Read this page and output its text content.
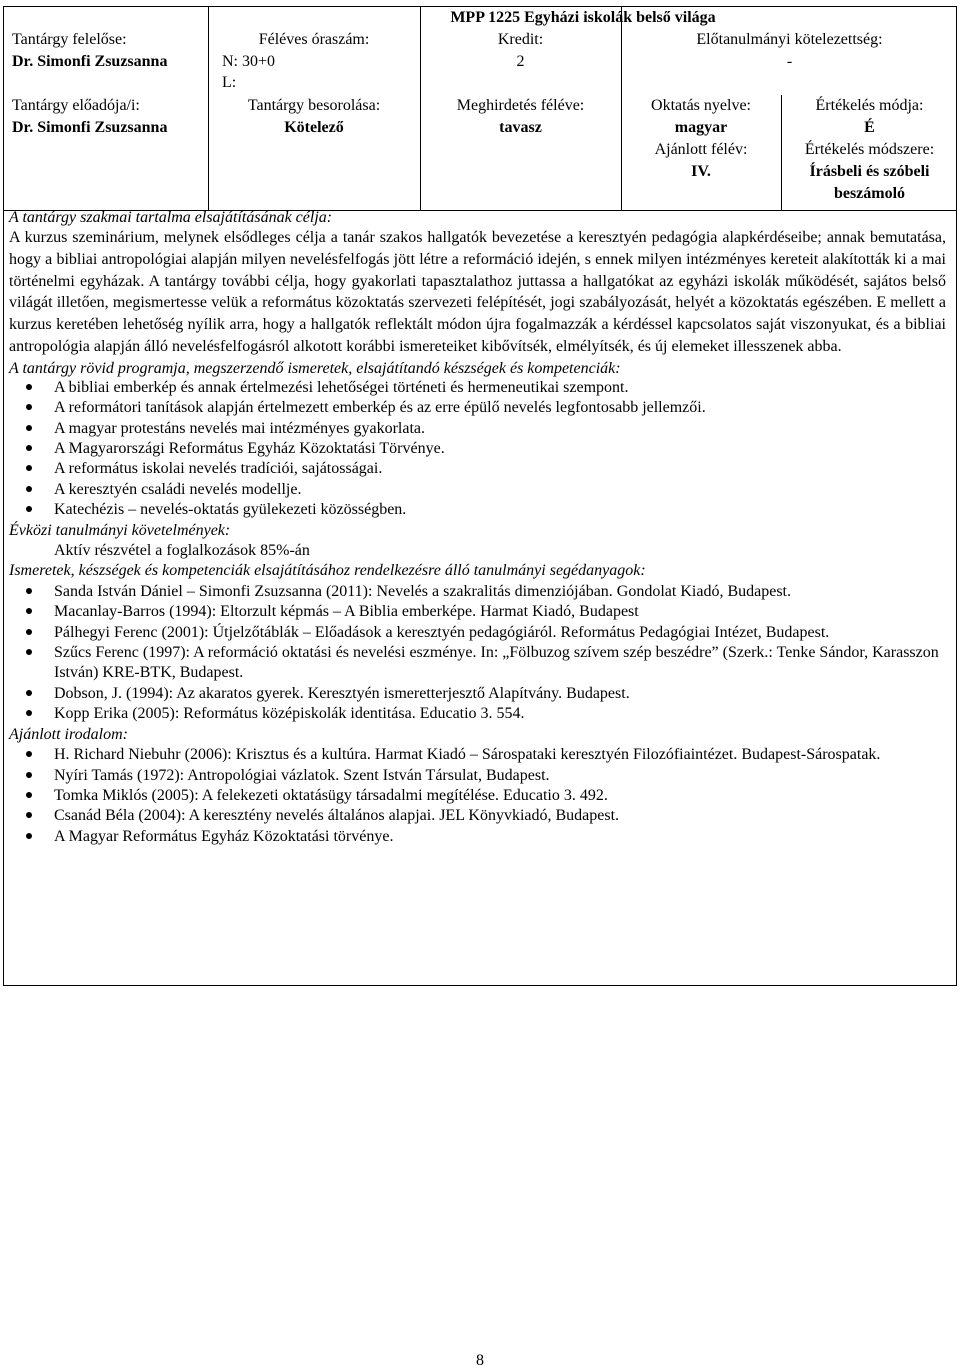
MPP 1225 Egyházi iskolák belső világa
Tantárgy felelőse:
Dr. Simonfi Zsuzsanna
Féléves óraszám:
N: 30+0
L:
Kredit:
2
Előtanulmányi kötelezettség:
-
Tantárgy előadója/i:
Dr. Simonfi Zsuzsanna
Tantárgy besorolása:
Kötelező
Meghirdetés féléve:
tavasz
Oktatás nyelve:
magyar
Ajánlott félév:
IV.
Értékelés módja:
É
Értékelés módszere:
Írásbeli és szóbeli
beszámoló

A tantárgy szakmai tartalma elsajátításának célja:

A kurzus szeminárium, melynek elsődleges célja a tanár szakos hallgatók bevezetése a keresztyén pedagógia alapkérdéseibe; annak bemutatása, hogy a bibliai antropológiai alapján milyen nevelésfelfogás jött létre a reformáció idején, s ennek milyen intézményes kereteit alakították ki a mai történelmi egyházak. A tantárgy további célja, hogy gyakorlati tapasztalathoz juttassa a hallgatókat az egyházi iskolák működését, sajátos belső világát illetően, megismertesse velük a református közoktatás szervezeti felépítését, jogi szabályozását, helyét a közoktatás egészében. E mellett a kurzus keretében lehetőség nyílik arra, hogy a hallgatók reflektált módon újra fogalmazzák a kérdéssel kapcsolatos saját viszonyukat, és a bibliai antropológia alapján álló nevelésfelfogásról alkotott korábbi ismereteiket kibővítsék, elmélyítsék, és új elemeket illesszenek abba.

A tantárgy rövid programja, megszerzendő ismeretek, elsajátítandó készségek és kompetenciák:

A bibliai emberkép és annak értelmezési lehetőségei történeti és hermeneutikai szempont.
A reformátori tanítások alapján értelmezett emberkép és az erre épülő nevelés legfontosabb jellemzői.
A magyar protestáns nevelés mai intézményes gyakorlata.
A Magyarországi Református Egyház Közoktatási Törvénye.
A református iskolai nevelés tradíciói, sajátosságai.
A keresztyén családi nevelés modellje.
Katechézis – nevelés-oktatás gyülekezeti közösségben.

Évközi tanulmányi követelmények:

Aktív részvétel a foglalkozások 85%-án

Ismeretek, készségek és kompetenciák elsajátításához rendelkezésre álló tanulmányi segédanyagok:

Sanda István Dániel – Simonfi Zsuzsanna (2011): Nevelés a szakralitás dimenziójában. Gondolat Kiadó, Budapest.
Macanlay-Barros (1994): Eltorzult képmás – A Biblia emberképe. Harmat Kiadó, Budapest
Pálhegyi Ferenc (2001): Útjelzőtáblák – Előadások a keresztyén pedagógiáról. Református Pedagógiai Intézet, Budapest.
Szűcs Ferenc (1997): A reformáció oktatási és nevelési eszménye. In: „Fölbuzog szívem szép beszédre” (Szerk.: Tenke Sándor, Karasszon István) KRE-BTK, Budapest.
Dobson, J. (1994): Az akaratos gyerek. Keresztyén ismeretterjesztő Alapítvány. Budapest.
Kopp Erika (2005): Református középiskolák identitása. Educatio 3. 554.

Ajánlott irodalom:

H. Richard Niebuhr (2006): Krisztus és a kultúra. Harmat Kiadó – Sárospataki keresztyén Filozófiaintézet. Budapest-Sárospatak.
Nyíri Tamás (1972): Antropológiai vázlatok. Szent István Társulat, Budapest.
Tomka Miklós (2005): A felekezeti oktatásügy társadalmi megítélése. Educatio 3. 492.
Csanád Béla (2004): A keresztény nevelés általános alapjai. JEL Könyvkiadó, Budapest.
A Magyar Református Egyház Közoktatási törvénye.
8
